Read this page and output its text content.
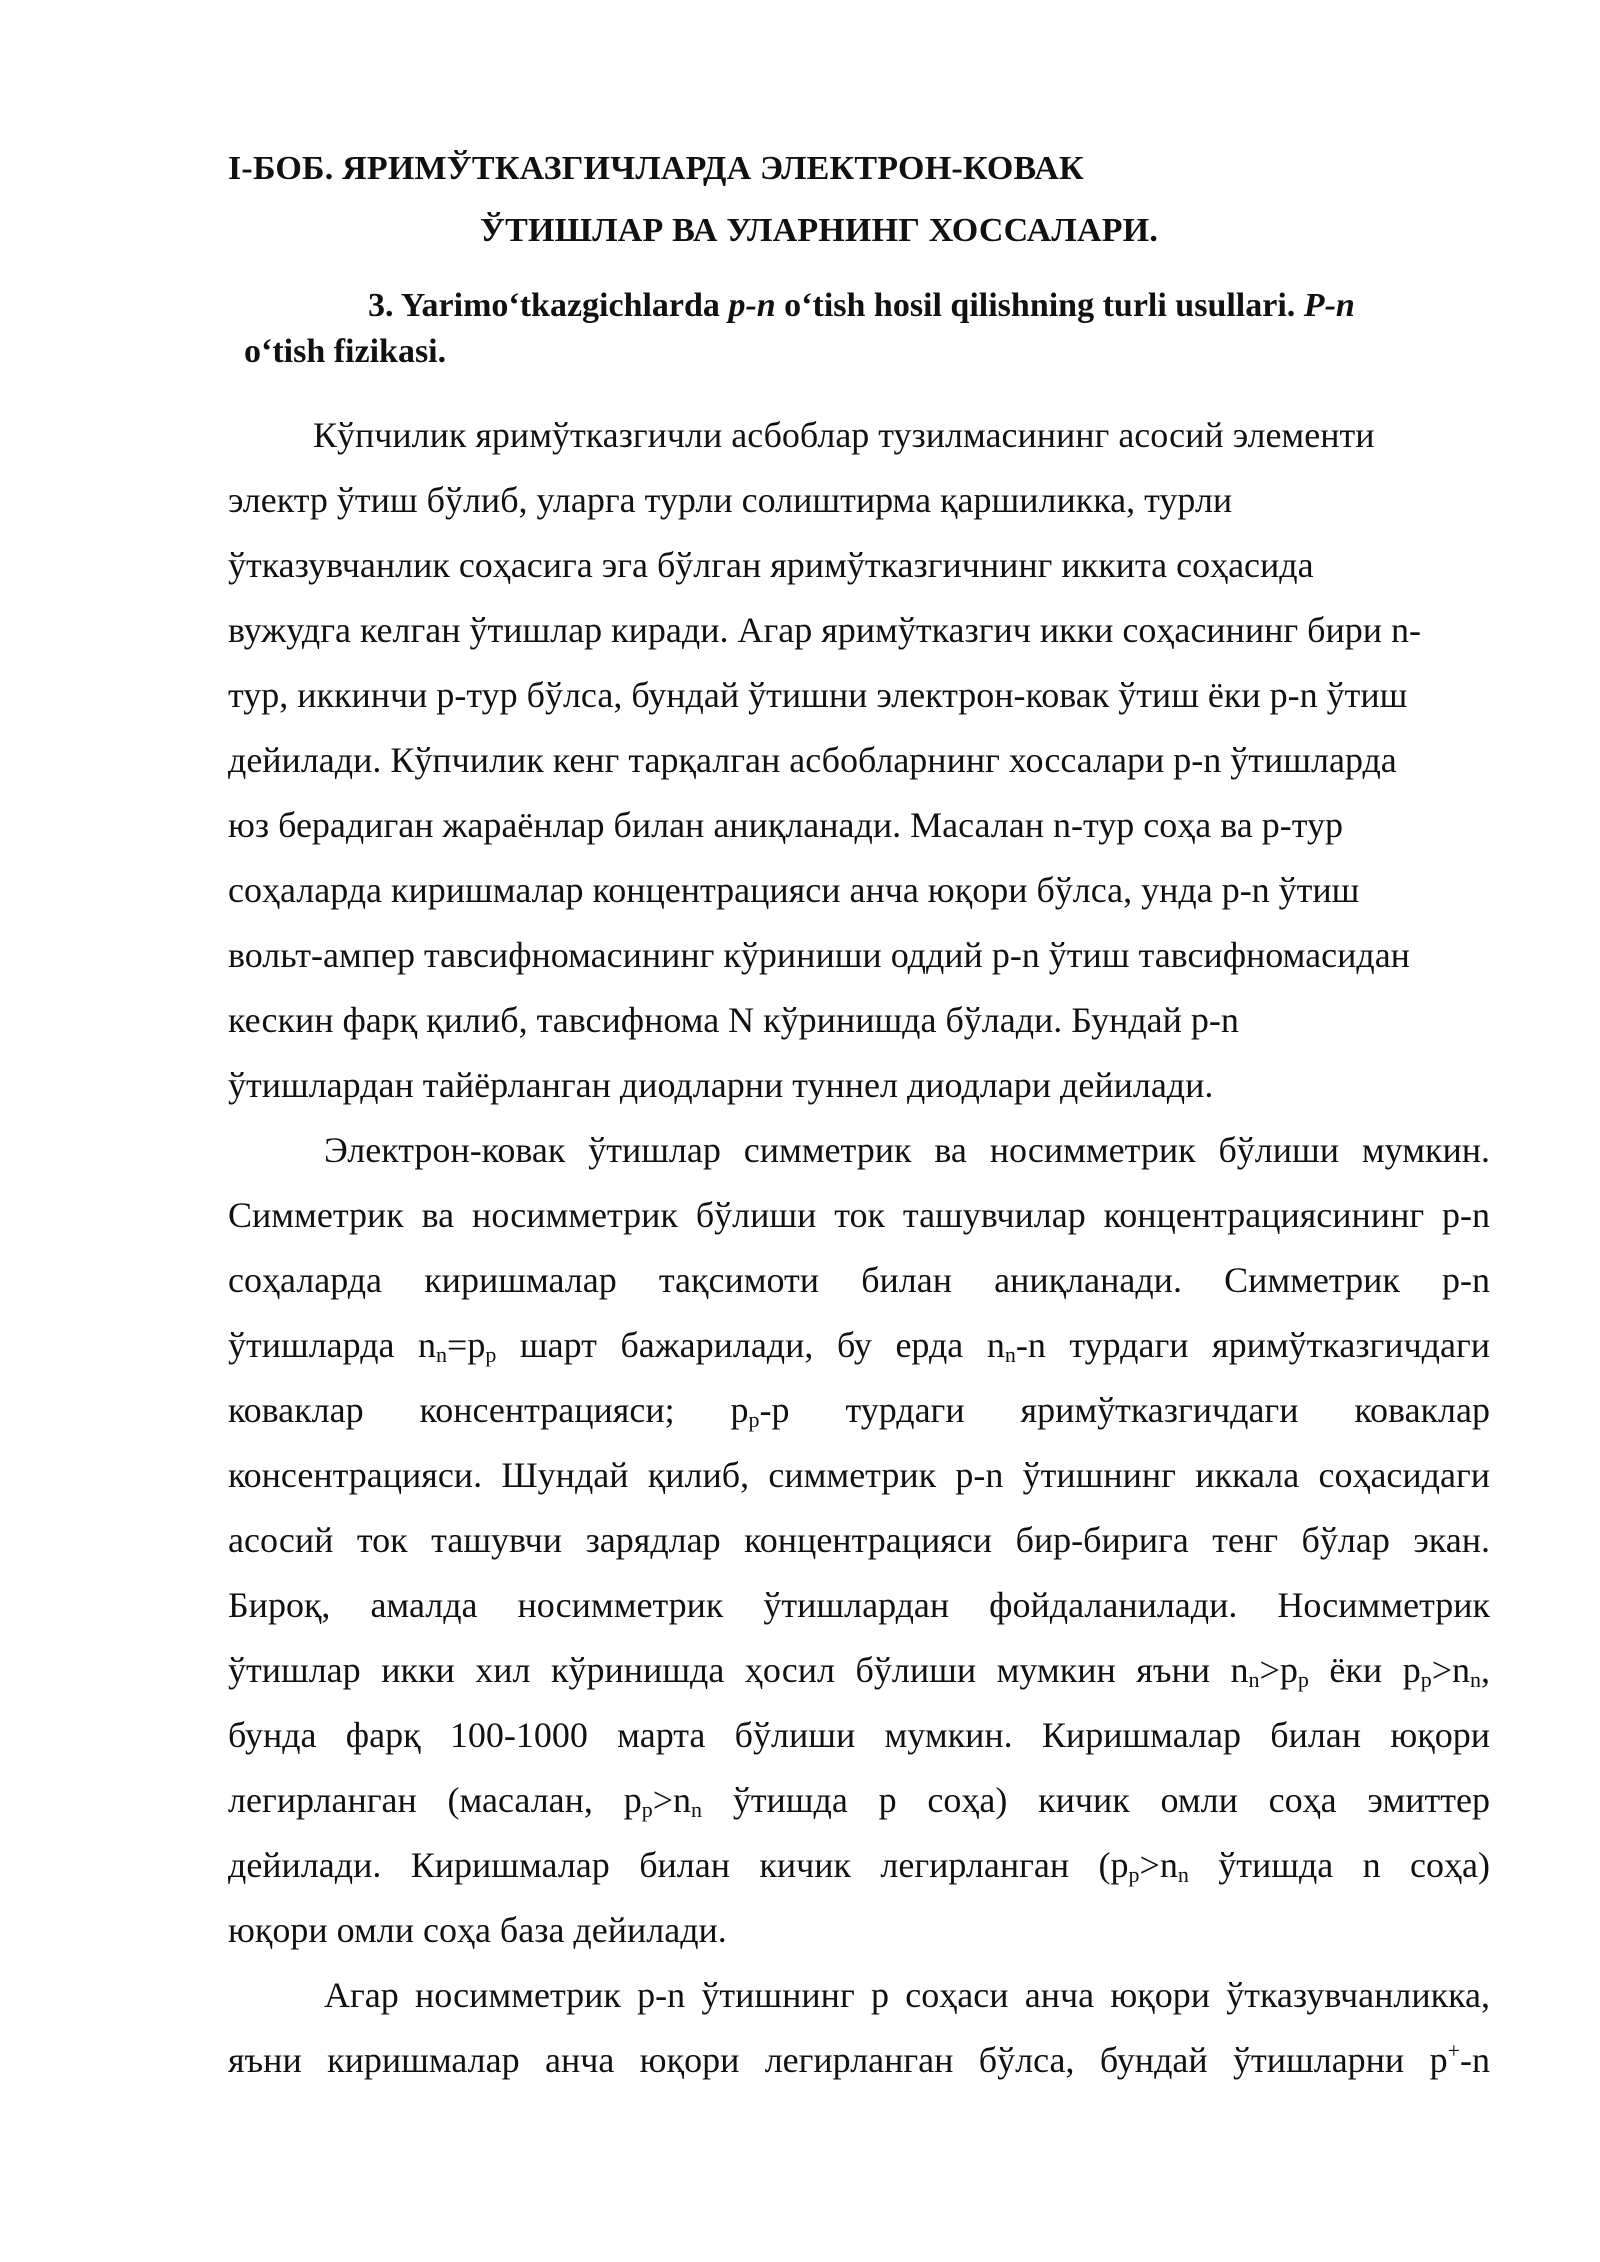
I-БОБ. ЯРИМЎТКАЗГИЧЛАРДА ЭЛЕКТРОН-КОВАК
ЎТИШЛАР ВА УЛАРНИНГ ХОССАЛАРИ.
3. Yarimo‘tkazgichlarda p-n o‘tish hosil qilishning turli usullari. P-n
o‘tish fizikasi.
Кўпчилик яримўтказгичли асбоблар тузилмасининг асосий элементи
электр ўтиш бўлиб, уларга турли солиштирма қаршиликка, турли
ўтказувчанлик соҳасига эга бўлган яримўтказгичнинг иккита соҳасида
вужудга келган ўтишлар киради. Агар яримўтказгич икки соҳасининг бири n-
тур, иккинчи p-тур бўлса, бундай ўтишни электрон-ковак ўтиш ёки p-n ўтиш
дейилади. Кўпчилик кенг тарқалган асбобларнинг хоссалари p-n ўтишларда
юз берадиган жараёнлар билан аниқланади. Масалан n-тур соҳа ва p-тур
соҳаларда киришмалар концентрацияси анча юқори бўлса, унда p-n ўтиш
вольт-ампер тавсифномасининг кўриниши оддий p-n ўтиш тавсифномасидан
кескин фарқ қилиб, тавсифнома N кўринишда бўлади. Бундай p-n
ўтишлардан тайёрланган диодларни туннел диодлари дейилади.
Электрон-ковак ўтишлар симметрик ва носимметрик бўлиши мумкин.
Симметрик ва носимметрик бўлиши ток ташувчилар концентрациясининг p-n
соҳаларда киришмалар тақсимоти билан аниқланади. Симметрик p-n
ўтишларда $n_n=p_p$ шарт бажарилади, бу ерда $n_n-n$ турдаги яримўтказгичдаги
коваклар консентрацияси; $p_p-p$ турдаги яримўтказгичдаги коваклар
консентрацияси. Шундай қилиб, симметрик p-n ўтишнинг иккала соҳасидаги
асосий ток ташувчи зарядлар концентрацияси бир-бирига тенг бўлар экан.
Бироқ, амалда носимметрик ўтишлардан фойдаланилади. Носимметрик
ўтишлар икки хил кўринишда ҳосил бўлиши мумкин яъни $n_n>p_p$ ёки $p_p>n_n$,
бунда фарқ 100-1000 марта бўлиши мумкин. Киришмалар билан юқори
легирланган (масалан, $p_p>n_n$ ўтишда p соҳа) кичик омли соҳа эмиттер
дейилади. Киришмалар билан кичик легирланган ($p_p>n_n$ ўтишда n соҳа)
юқори омли соҳа база дейилади.
Агар носимметрик p-n ўтишнинг p соҳаси анча юқори ўтказувчанликка,
яъни киришмалар анча юқори легирланган бўлса, бундай ўтишларни p+-n
